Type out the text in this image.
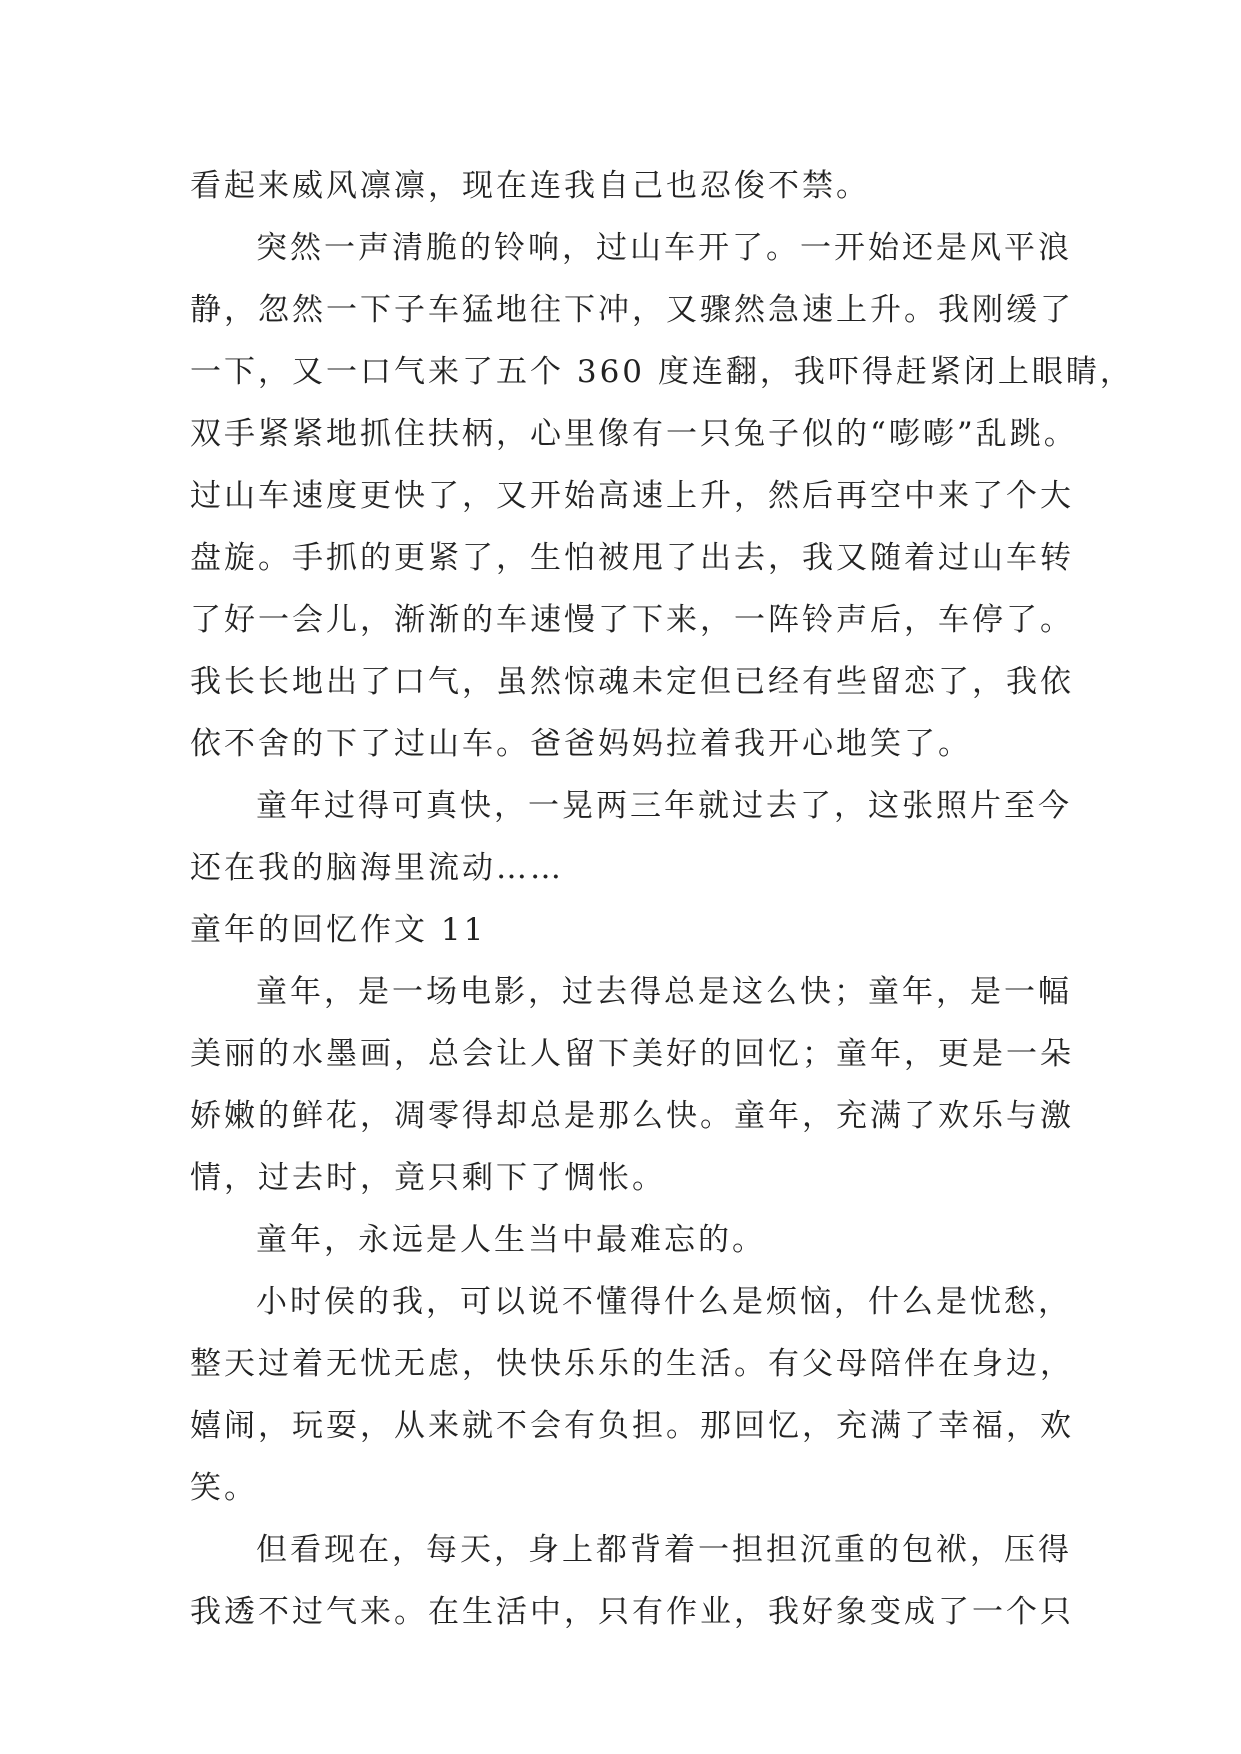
看起来威风凛凛，现在连我自己也忍俊不禁。
突然一声清脆的铃响，过山车开了。一开始还是风平浪
静，忽然一下子车猛地往下冲，又骤然急速上升。我刚缓了
一下，又一口气来了五个 360 度连翻，我吓得赶紧闭上眼睛，
双手紧紧地抓住扶柄，心里像有一只兔子似的“嘭嘭”乱跳。
过山车速度更快了，又开始高速上升，然后再空中来了个大
盘旋。手抓的更紧了，生怕被甩了出去，我又随着过山车转
了好一会儿，渐渐的车速慢了下来，一阵铃声后，车停了。
我长长地出了口气，虽然惊魂未定但已经有些留恋了，我依
依不舍的下了过山车。爸爸妈妈拉着我开心地笑了。
童年过得可真快，一晃两三年就过去了，这张照片至今
还在我的脑海里流动……
童年的回忆作文 11
童年，是一场电影，过去得总是这么快；童年，是一幅
美丽的水墨画，总会让人留下美好的回忆；童年，更是一朵
娇嫩的鲜花，凋零得却总是那么快。童年，充满了欢乐与激
情，过去时，竟只剩下了惆怅。
童年，永远是人生当中最难忘的。
小时侯的我，可以说不懂得什么是烦恼，什么是忧愁，
整天过着无忧无虑，快快乐乐的生活。有父母陪伴在身边，
嬉闹，玩耍，从来就不会有负担。那回忆，充满了幸福，欢
笑。
但看现在，每天，身上都背着一担担沉重的包袱，压得
我透不过气来。在生活中，只有作业，我好象变成了一个只
